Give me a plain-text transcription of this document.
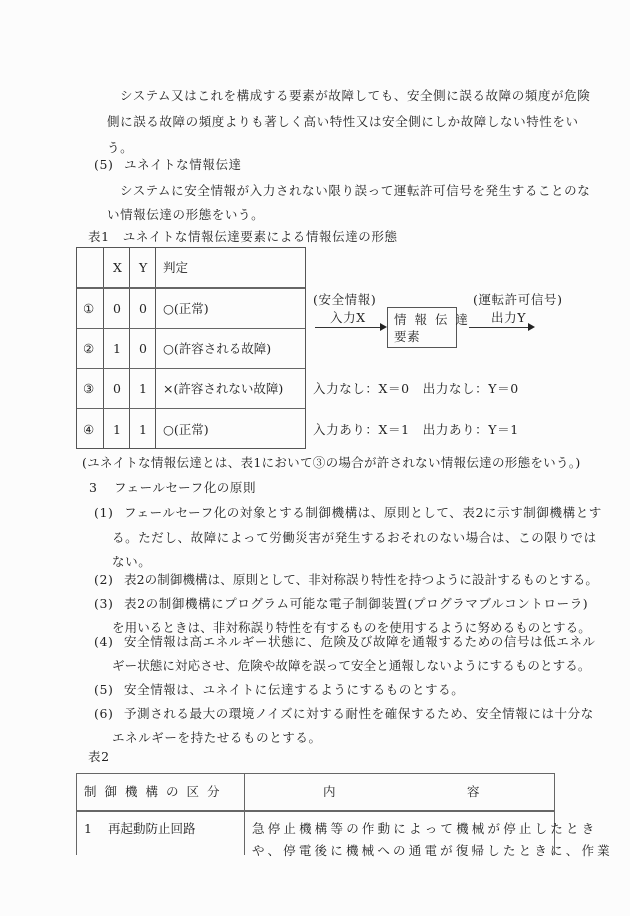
システム又はこれを構成する要素が故障しても、安全側に誤る故障の頻度が危険
側に誤る故障の頻度よりも著しく高い特性又は安全側にしか故障しない特性をい
う。
(5) ユネイトな情報伝達
システムに安全情報が入力されない限り誤って運転許可信号を発生することのな
い情報伝達の形態をいう。
表1　ユネイトな情報伝達要素による情報伝達の形態
X Y 判定
① 0 0 ○(正常)
② 1 0 ○(許容される故障)
③ 0 1 ×(許容されない故障)
④ 1 1 ○(正常)
(安全情報)
入力X 情 報 伝 達
要素
(運転許可信号)
出力Y
入力なし：X＝0　出力なし：Y＝0
入力あり：X＝1　出力あり：Y＝1
(ユネイトな情報伝達とは、表1において③の場合が許されない情報伝達の形態をいう。)
3 フェールセーフ化の原則
(1) フェールセーフ化の対象とする制御機構は、原則として、表2に示す制御機構とす
る。ただし、故障によって労働災害が発生するおそれのない場合は、この限りでは
ない。
(2) 表2の制御機構は、原則として、非対称誤り特性を持つように設計するものとする。
(3) 表2の制御機構にプログラム可能な電子制御装置(プログラマブルコントローラ)
を用いるときは、非対称誤り特性を有するものを使用するように努めるものとする。
(4) 安全情報は高エネルギー状態に、危険及び故障を通報するための信号は低エネル
ギー状態に対応させ、危険や故障を誤って安全と通報しないようにするものとする。
(5) 安全情報は、ユネイトに伝達するようにするものとする。
(6) 予測される最大の環境ノイズに対する耐性を確保するため、安全情報には十分な
エネルギーを持たせるものとする。
表2
制御機構の区分	内	容
1 再起動防止回路	急停止機構等の作動によって機械が停止したとき
や、停電後に機械への通電が復帰したときに、作業
